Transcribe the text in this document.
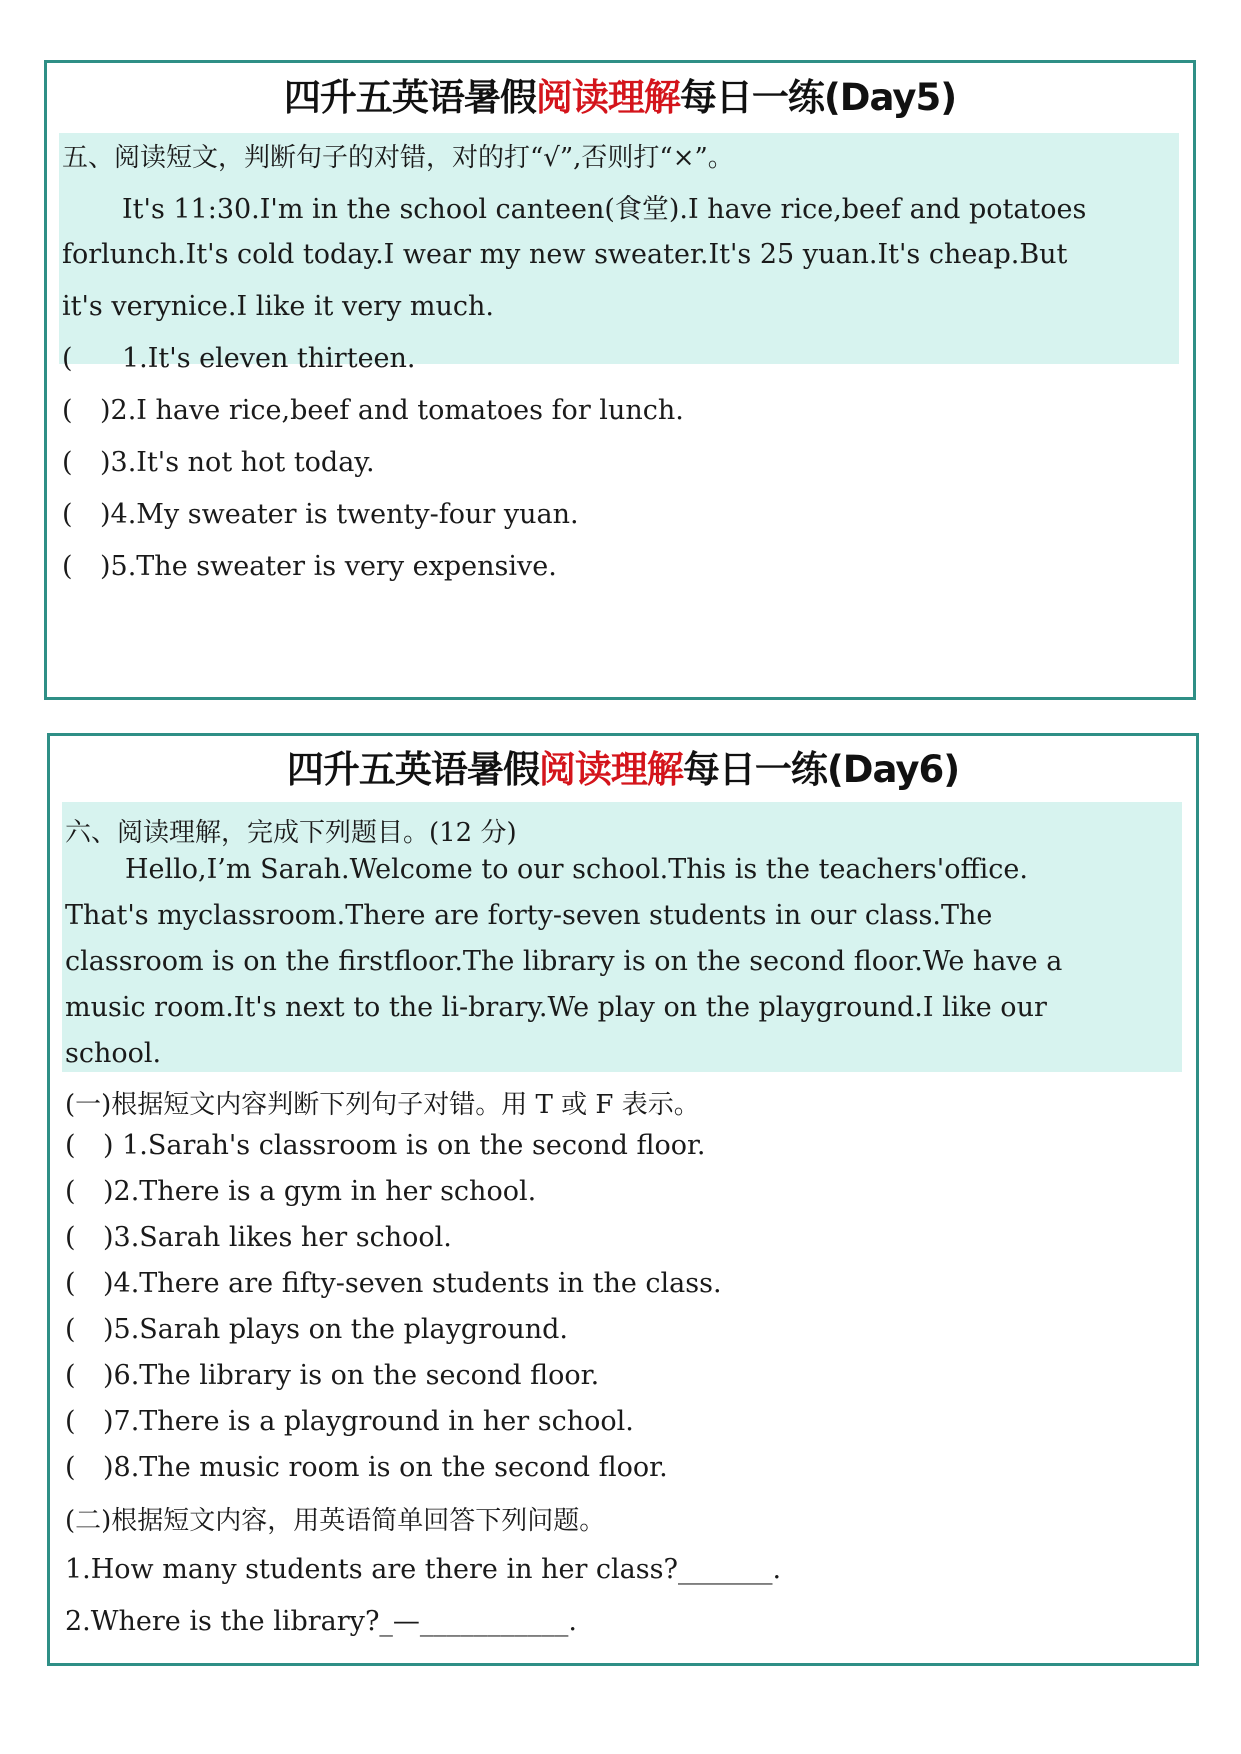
四升五英语暑假阅读理解每日一练(Day5)
五、阅读短文，判断句子的对错，对的打“√”,否则打“×”。
It's 11:30.I'm in the school canteen(食堂).I have rice,beef and potatoes
forlunch.It's cold today.I wear my new sweater.It's 25 yuan.It's cheap.But
it's verynice.I like it very much.
( 1.It's eleven thirteen.
( )2.I have rice,beef and tomatoes for lunch.
( )3.It's not hot today.
( )4.My sweater is twenty-four yuan.
( )5.The sweater is very expensive.
四升五英语暑假阅读理解每日一练(Day6)
六、阅读理解，完成下列题目。(12 分)
Hello,I’m Sarah.Welcome to our school.This is the teachers'office.
That's myclassroom.There are forty-seven students in our class.The
classroom is on the firstfloor.The library is on the second floor.We have a
music room.It's next to the li-brary.We play on the playground.I like our
school.
(一)根据短文内容判断下列句子对错。用 T 或 F 表示。
( ) 1.Sarah's classroom is on the second floor.
( )2.There is a gym in her school.
( )3.Sarah likes her school.
( )4.There are fifty-seven students in the class.
( )5.Sarah plays on the playground.
( )6.The library is on the second floor.
( )7.There is a playground in her school.
( )8.The music room is on the second floor.
(二)根据短文内容，用英语简单回答下列问题。
1.How many students are there in her class?_______.
2.Where is the library?_—___________.
